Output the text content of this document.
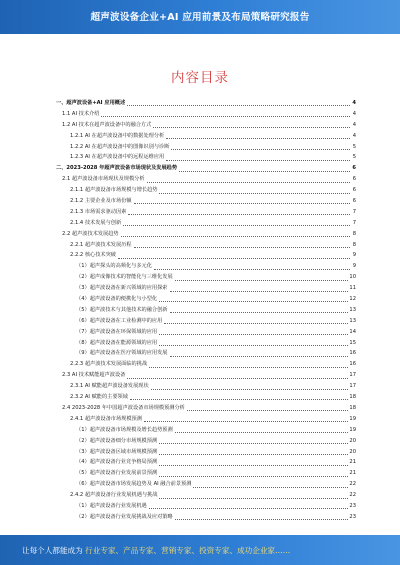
超声波设备企业+AI 应用前景及布局策略研究报告
内容目录
一、超声波设备+AI 应用概述	4
1.1 AI 技术介绍	4
1.2 AI 技术在超声波设备中的融合方式	4
1.2.1 AI 在超声波设备中的数据处理分析	4
1.2.2 AI 在超声波设备中的图像识别与诊断	5
1.2.3 AI 在超声波设备中的远程运维应用	5
二、2023-2028 年超声波设备市场现状及发展趋势	6
2.1 超声波设备市场现状及规模分析	6
2.1.1 超声波设备市场规模与增长趋势	6
2.1.2 主要企业及市场份额	6
2.1.3 市场需求驱动因素	7
2.1.4 技术发展与创新	7
2.2 超声波技术发展趋势	8
2.2.1 超声波技术发展历程	8
2.2.2 核心技术突破	9
（1）超声探头的高频化与多元化	9
（2）超声成像技术的智能化与三维化发展	10
（3）超声波设备在新兴领域的应用探索	11
（4）超声波设备的便携化与小型化	12
（5）超声波技术与其他技术的融合创新	13
（6）超声波设备在工业检测中的应用	13
（7）超声波设备在环保领域的应用	14
（8）超声波设备在能源领域的应用	15
（9）超声波设备在医疗领域的应用发展	16
2.2.3 超声波技术发展面临的挑战	16
2.3 AI 技术赋能超声波设备	17
2.3.1 AI 赋能超声波设备发展现状	17
2.3.2 AI 赋能的主要领域	18
2.4 2023-2028 年中国超声波设备市场规模预测分析	18
2.4.1 超声波设备市场规模预测	19
（1）超声波设备市场规模及增长趋势预测	19
（2）超声波设备细分市场规模预测	20
（3）超声波设备区域市场规模预测	20
（4）超声波设备行业竞争格局预测	21
（5）超声波设备行业发展前景预测	21
（6）超声波设备市场发展趋势及 AI 融合前景预测	22
2.4.2 超声波设备行业发展机遇与挑战	22
（1）超声波设备行业发展机遇	23
（2）超声波设备行业发展挑战及应对策略	23
让每个人都能成为 行业专家、产品专家、营销专家、投资专家、成功企业家……
